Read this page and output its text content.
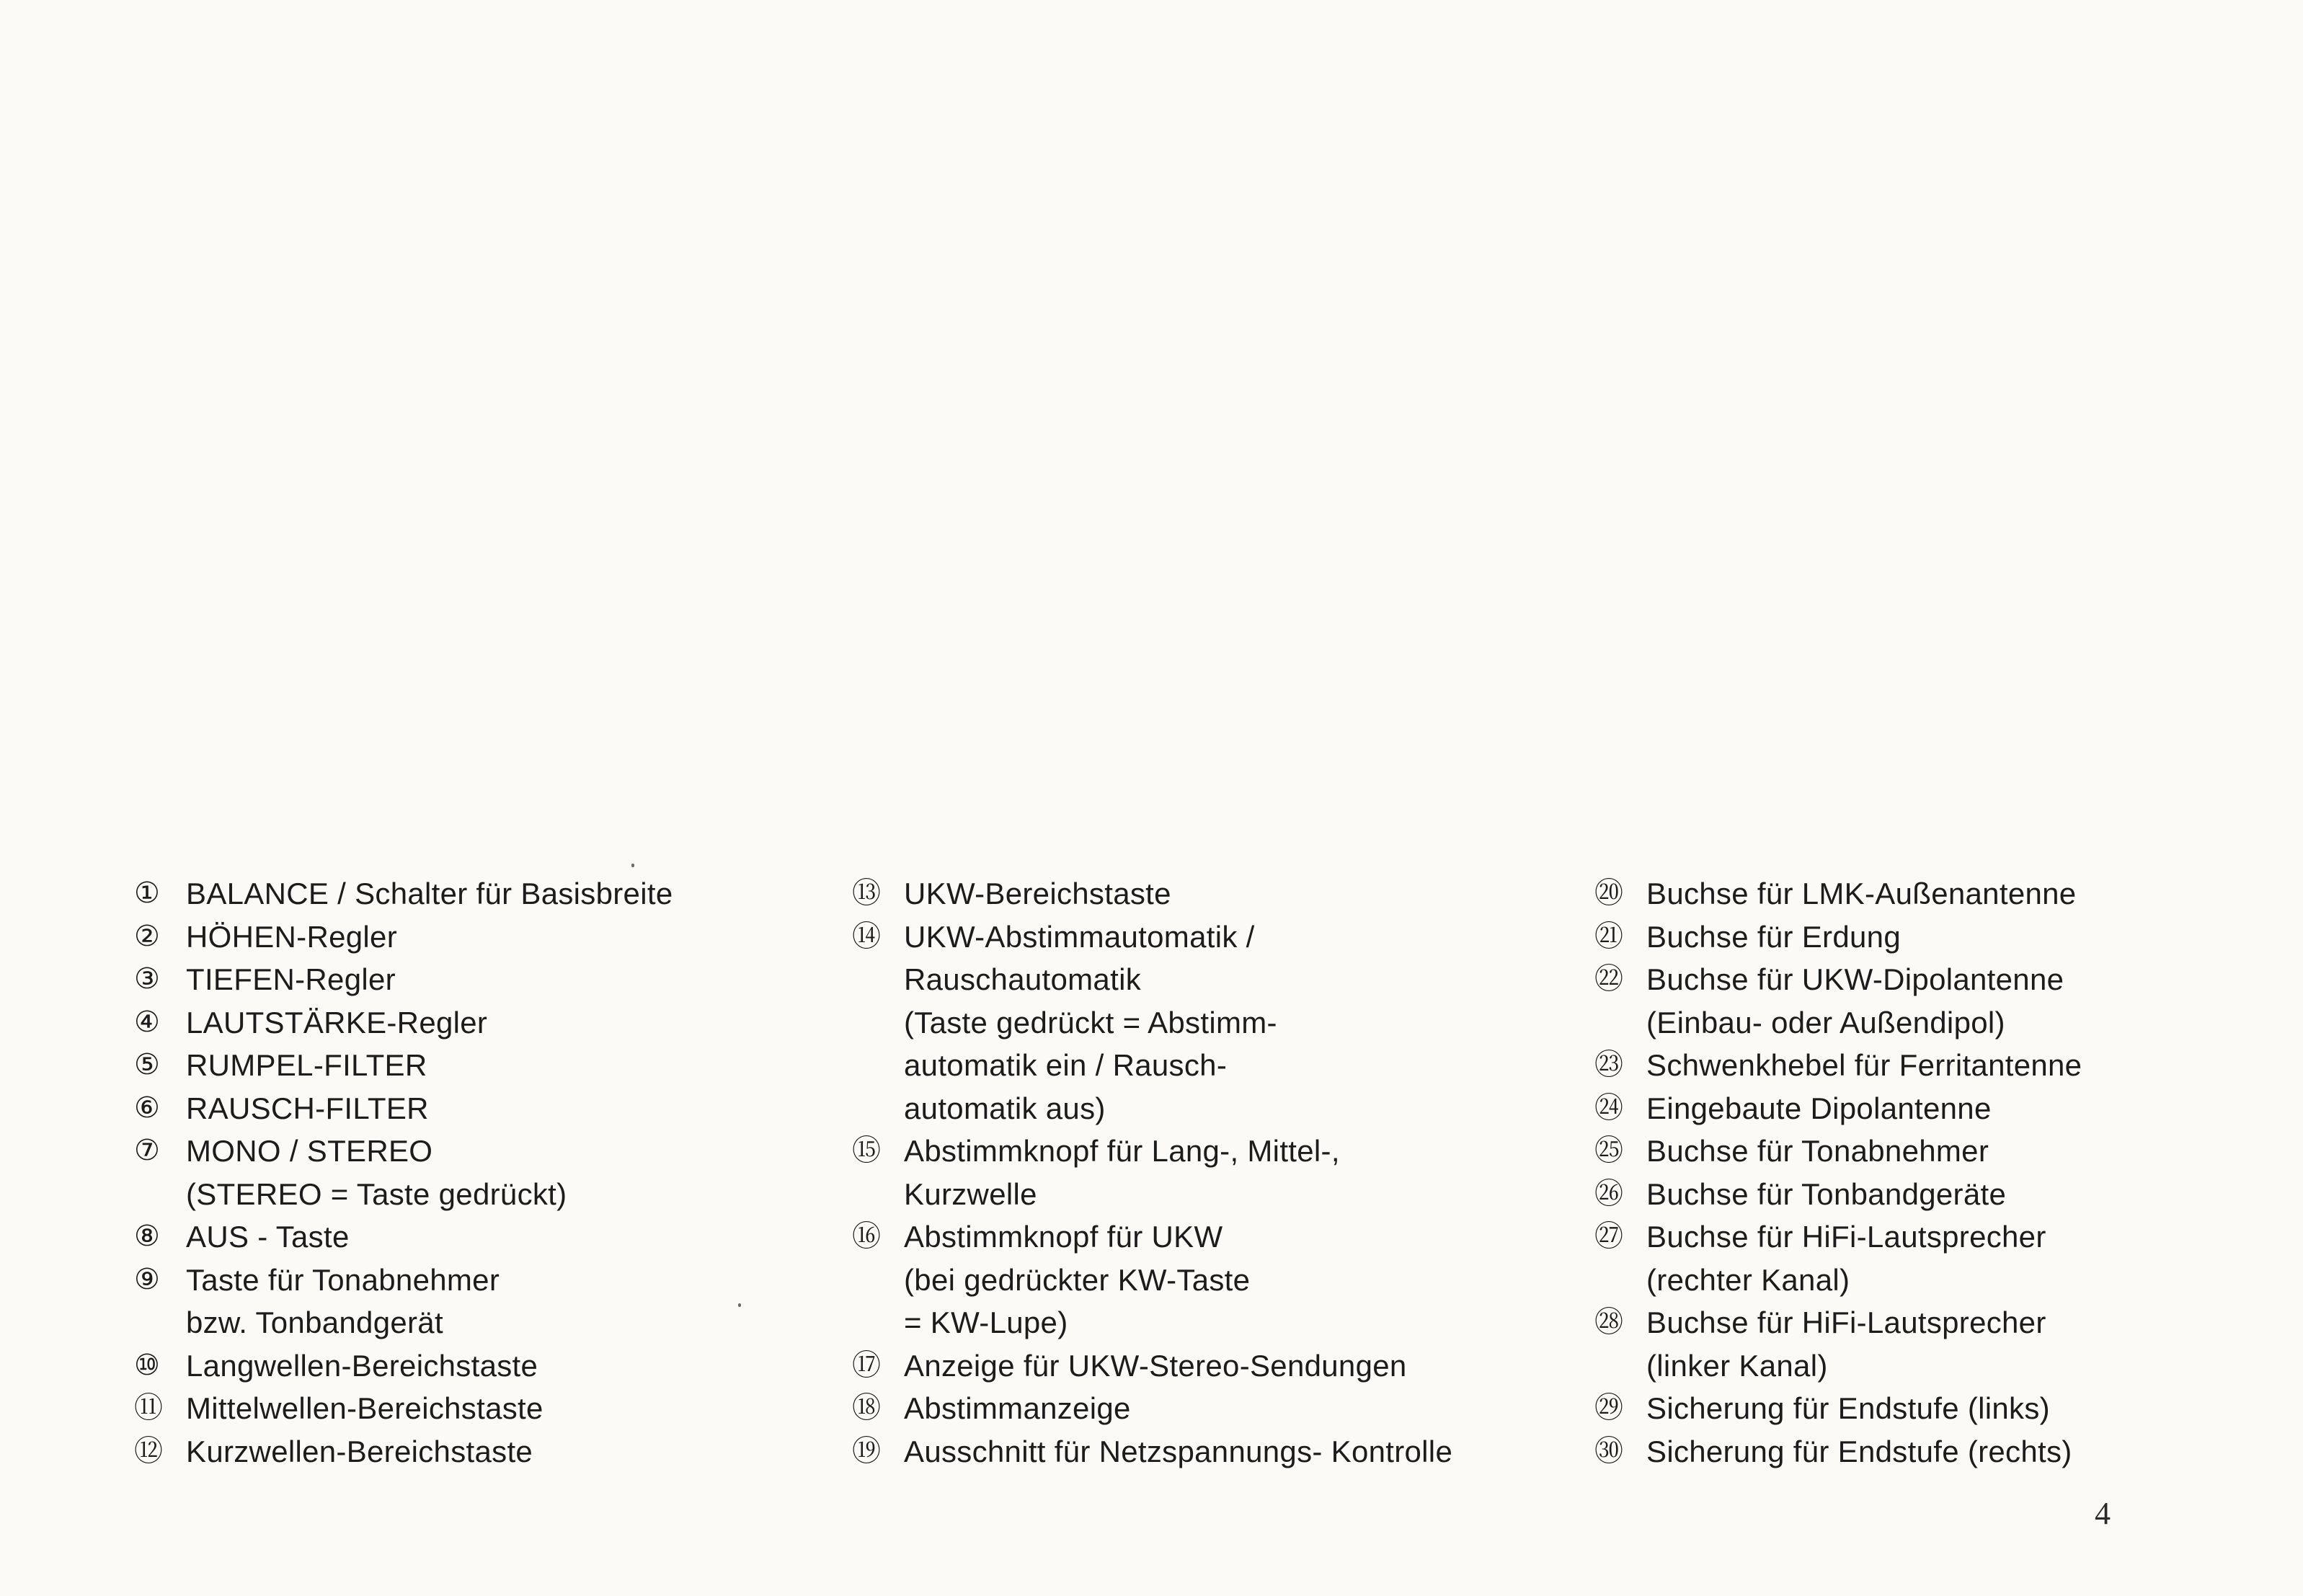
① BALANCE / Schalter für Basisbreite
② HÖHEN-Regler
③ TIEFEN-Regler
④ LAUTSTÄRKE-Regler
⑤ RUMPEL-FILTER
⑥ RAUSCH-FILTER
⑦ MONO / STEREO
(STEREO = Taste gedrückt)
⑧ AUS - Taste
⑨ Taste für Tonabnehmer
bzw. Tonbandgerät
⑩ Langwellen-Bereichstaste
⑪ Mittelwellen-Bereichstaste
⑫ Kurzwellen-Bereichstaste
⑬ UKW-Bereichstaste
⑭ UKW-Abstimmautomatik /
Rauschautomatik
(Taste gedrückt = Abstimm-
automatik ein / Rausch-
automatik aus)
⑮ Abstimmknopf für Lang-, Mittel-,
Kurzwelle
⑯ Abstimmknopf für UKW
(bei gedrückter KW-Taste
= KW-Lupe)
⑰ Anzeige für UKW-Stereo-Sendungen
⑱ Abstimmanzeige
⑲ Ausschnitt für Netzspannungs- Kontrolle
⑳ Buchse für LMK-Außenantenne
㉑ Buchse für Erdung
㉒ Buchse für UKW-Dipolantenne
(Einbau- oder Außendipol)
㉓ Schwenkhebel für Ferritantenne
㉔ Eingebaute Dipolantenne
㉕ Buchse für Tonabnehmer
㉖ Buchse für Tonbandgeräte
㉗ Buchse für HiFi-Lautsprecher
(rechter Kanal)
㉘ Buchse für HiFi-Lautsprecher
(linker Kanal)
㉙ Sicherung für Endstufe (links)
㉚ Sicherung für Endstufe (rechts)
4
